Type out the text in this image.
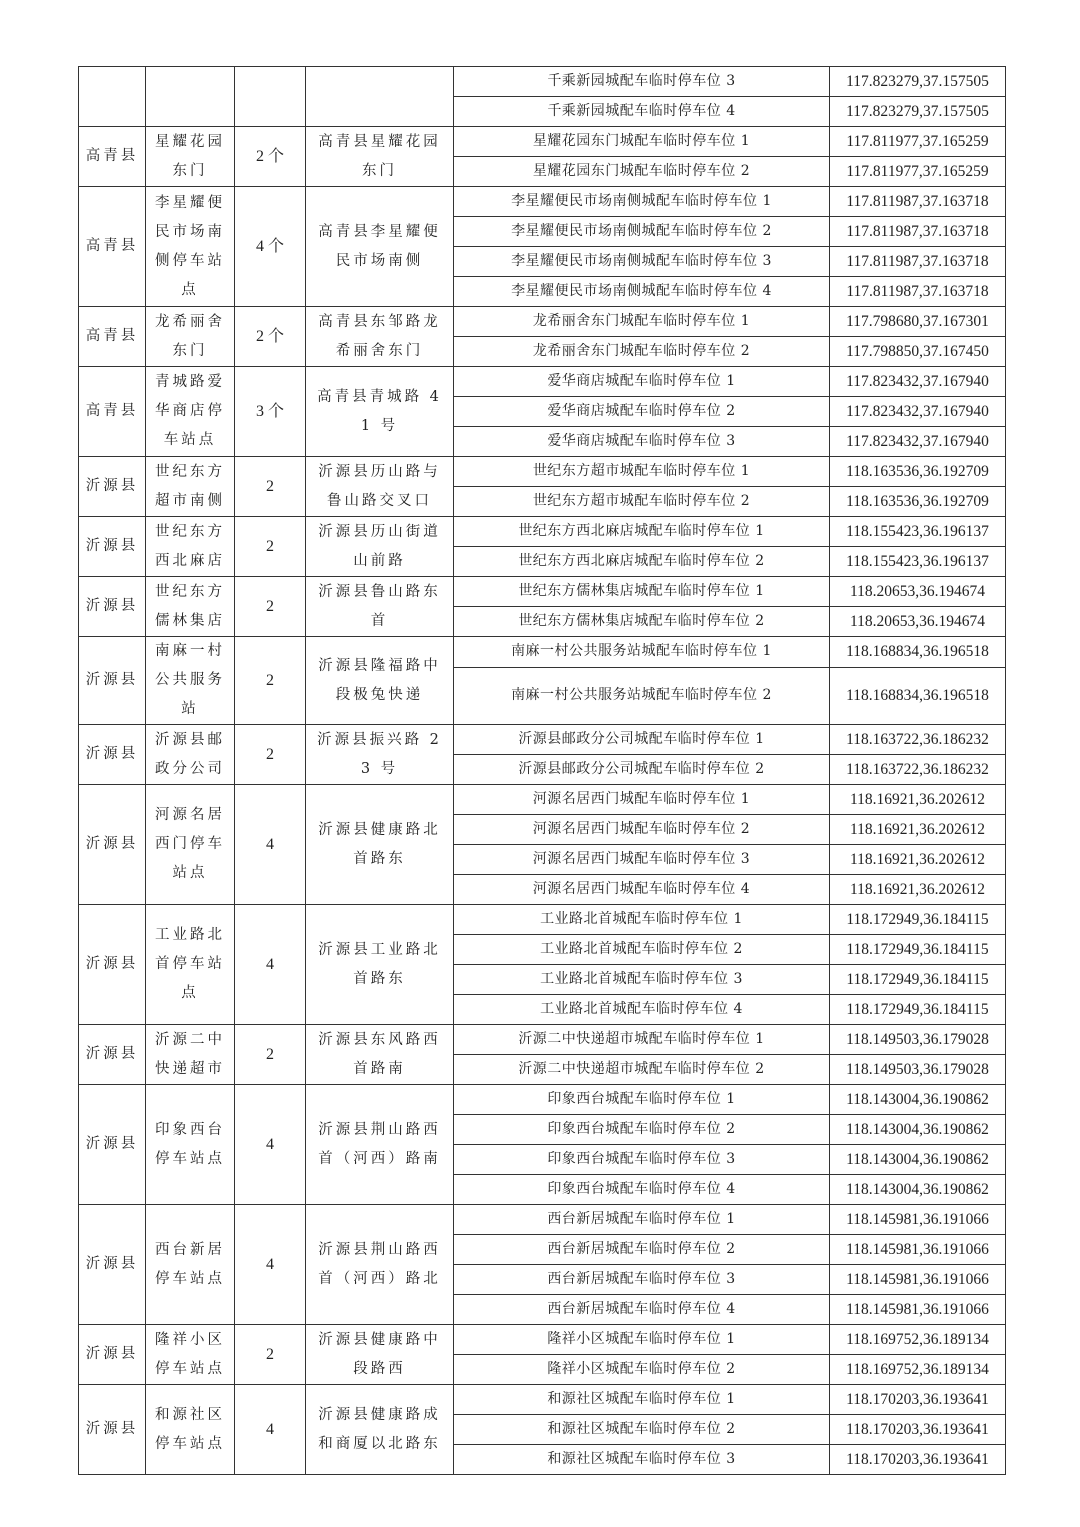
				千乘新园城配车临时停车位 3	117.823279,37.157505
				千乘新园城配车临时停车位 4	117.823279,37.157505
高青县	星耀花园东门	2 个	高青县星耀花园东门	星耀花园东门城配车临时停车位 1	117.811977,37.165259
				星耀花园东门城配车临时停车位 2	117.811977,37.165259
高青县	李星耀便民市场南侧停车站点	4 个	高青县李星耀便民市场南侧	李星耀便民市场南侧城配车临时停车位 1	117.811987,37.163718
				李星耀便民市场南侧城配车临时停车位 2	117.811987,37.163718
				李星耀便民市场南侧城配车临时停车位 3	117.811987,37.163718
				李星耀便民市场南侧城配车临时停车位 4	117.811987,37.163718
高青县	龙希丽舍东门	2 个	高青县东邹路龙希丽舍东门	龙希丽舍东门城配车临时停车位 1	117.798680,37.167301
				龙希丽舍东门城配车临时停车位 2	117.798850,37.167450
高青县	青城路爱华商店停车站点	3 个	高青县青城路 41 号	爱华商店城配车临时停车位 1	117.823432,37.167940
				爱华商店城配车临时停车位 2	117.823432,37.167940
				爱华商店城配车临时停车位 3	117.823432,37.167940
沂源县	世纪东方超市南侧	2	沂源县历山路与鲁山路交叉口	世纪东方超市城配车临时停车位 1	118.163536,36.192709
				世纪东方超市城配车临时停车位 2	118.163536,36.192709
沂源县	世纪东方西北麻店	2	沂源县历山街道山前路	世纪东方西北麻店城配车临时停车位 1	118.155423,36.196137
				世纪东方西北麻店城配车临时停车位 2	118.155423,36.196137
沂源县	世纪东方儒林集店	2	沂源县鲁山路东首	世纪东方儒林集店城配车临时停车位 1	118.20653,36.194674
				世纪东方儒林集店城配车临时停车位 2	118.20653,36.194674
沂源县	南麻一村公共服务站	2	沂源县隆福路中段极兔快递	南麻一村公共服务站城配车临时停车位 1	118.168834,36.196518
				南麻一村公共服务站城配车临时停车位 2	118.168834,36.196518
沂源县	沂源县邮政分公司	2	沂源县振兴路 23 号	沂源县邮政分公司城配车临时停车位 1	118.163722,36.186232
				沂源县邮政分公司城配车临时停车位 2	118.163722,36.186232
沂源县	河源名居西门停车站点	4	沂源县健康路北首路东	河源名居西门城配车临时停车位 1	118.16921,36.202612
				河源名居西门城配车临时停车位 2	118.16921,36.202612
				河源名居西门城配车临时停车位 3	118.16921,36.202612
				河源名居西门城配车临时停车位 4	118.16921,36.202612
沂源县	工业路北首停车站点	4	沂源县工业路北首路东	工业路北首城配车临时停车位 1	118.172949,36.184115
				工业路北首城配车临时停车位 2	118.172949,36.184115
				工业路北首城配车临时停车位 3	118.172949,36.184115
				工业路北首城配车临时停车位 4	118.172949,36.184115
沂源县	沂源二中快递超市	2	沂源县东风路西首路南	沂源二中快递超市城配车临时停车位 1	118.149503,36.179028
				沂源二中快递超市城配车临时停车位 2	118.149503,36.179028
沂源县	印象西台停车站点	4	沂源县荆山路西首（河西）路南	印象西台城配车临时停车位 1	118.143004,36.190862
				印象西台城配车临时停车位 2	118.143004,36.190862
				印象西台城配车临时停车位 3	118.143004,36.190862
				印象西台城配车临时停车位 4	118.143004,36.190862
沂源县	西台新居停车站点	4	沂源县荆山路西首（河西）路北	西台新居城配车临时停车位 1	118.145981,36.191066
				西台新居城配车临时停车位 2	118.145981,36.191066
				西台新居城配车临时停车位 3	118.145981,36.191066
				西台新居城配车临时停车位 4	118.145981,36.191066
沂源县	隆祥小区停车站点	2	沂源县健康路中段路西	隆祥小区城配车临时停车位 1	118.169752,36.189134
				隆祥小区城配车临时停车位 2	118.169752,36.189134
沂源县	和源社区停车站点	4	沂源县健康路成和商厦以北路东	和源社区城配车临时停车位 1	118.170203,36.193641
				和源社区城配车临时停车位 2	118.170203,36.193641
				和源社区城配车临时停车位 3	118.170203,36.193641
